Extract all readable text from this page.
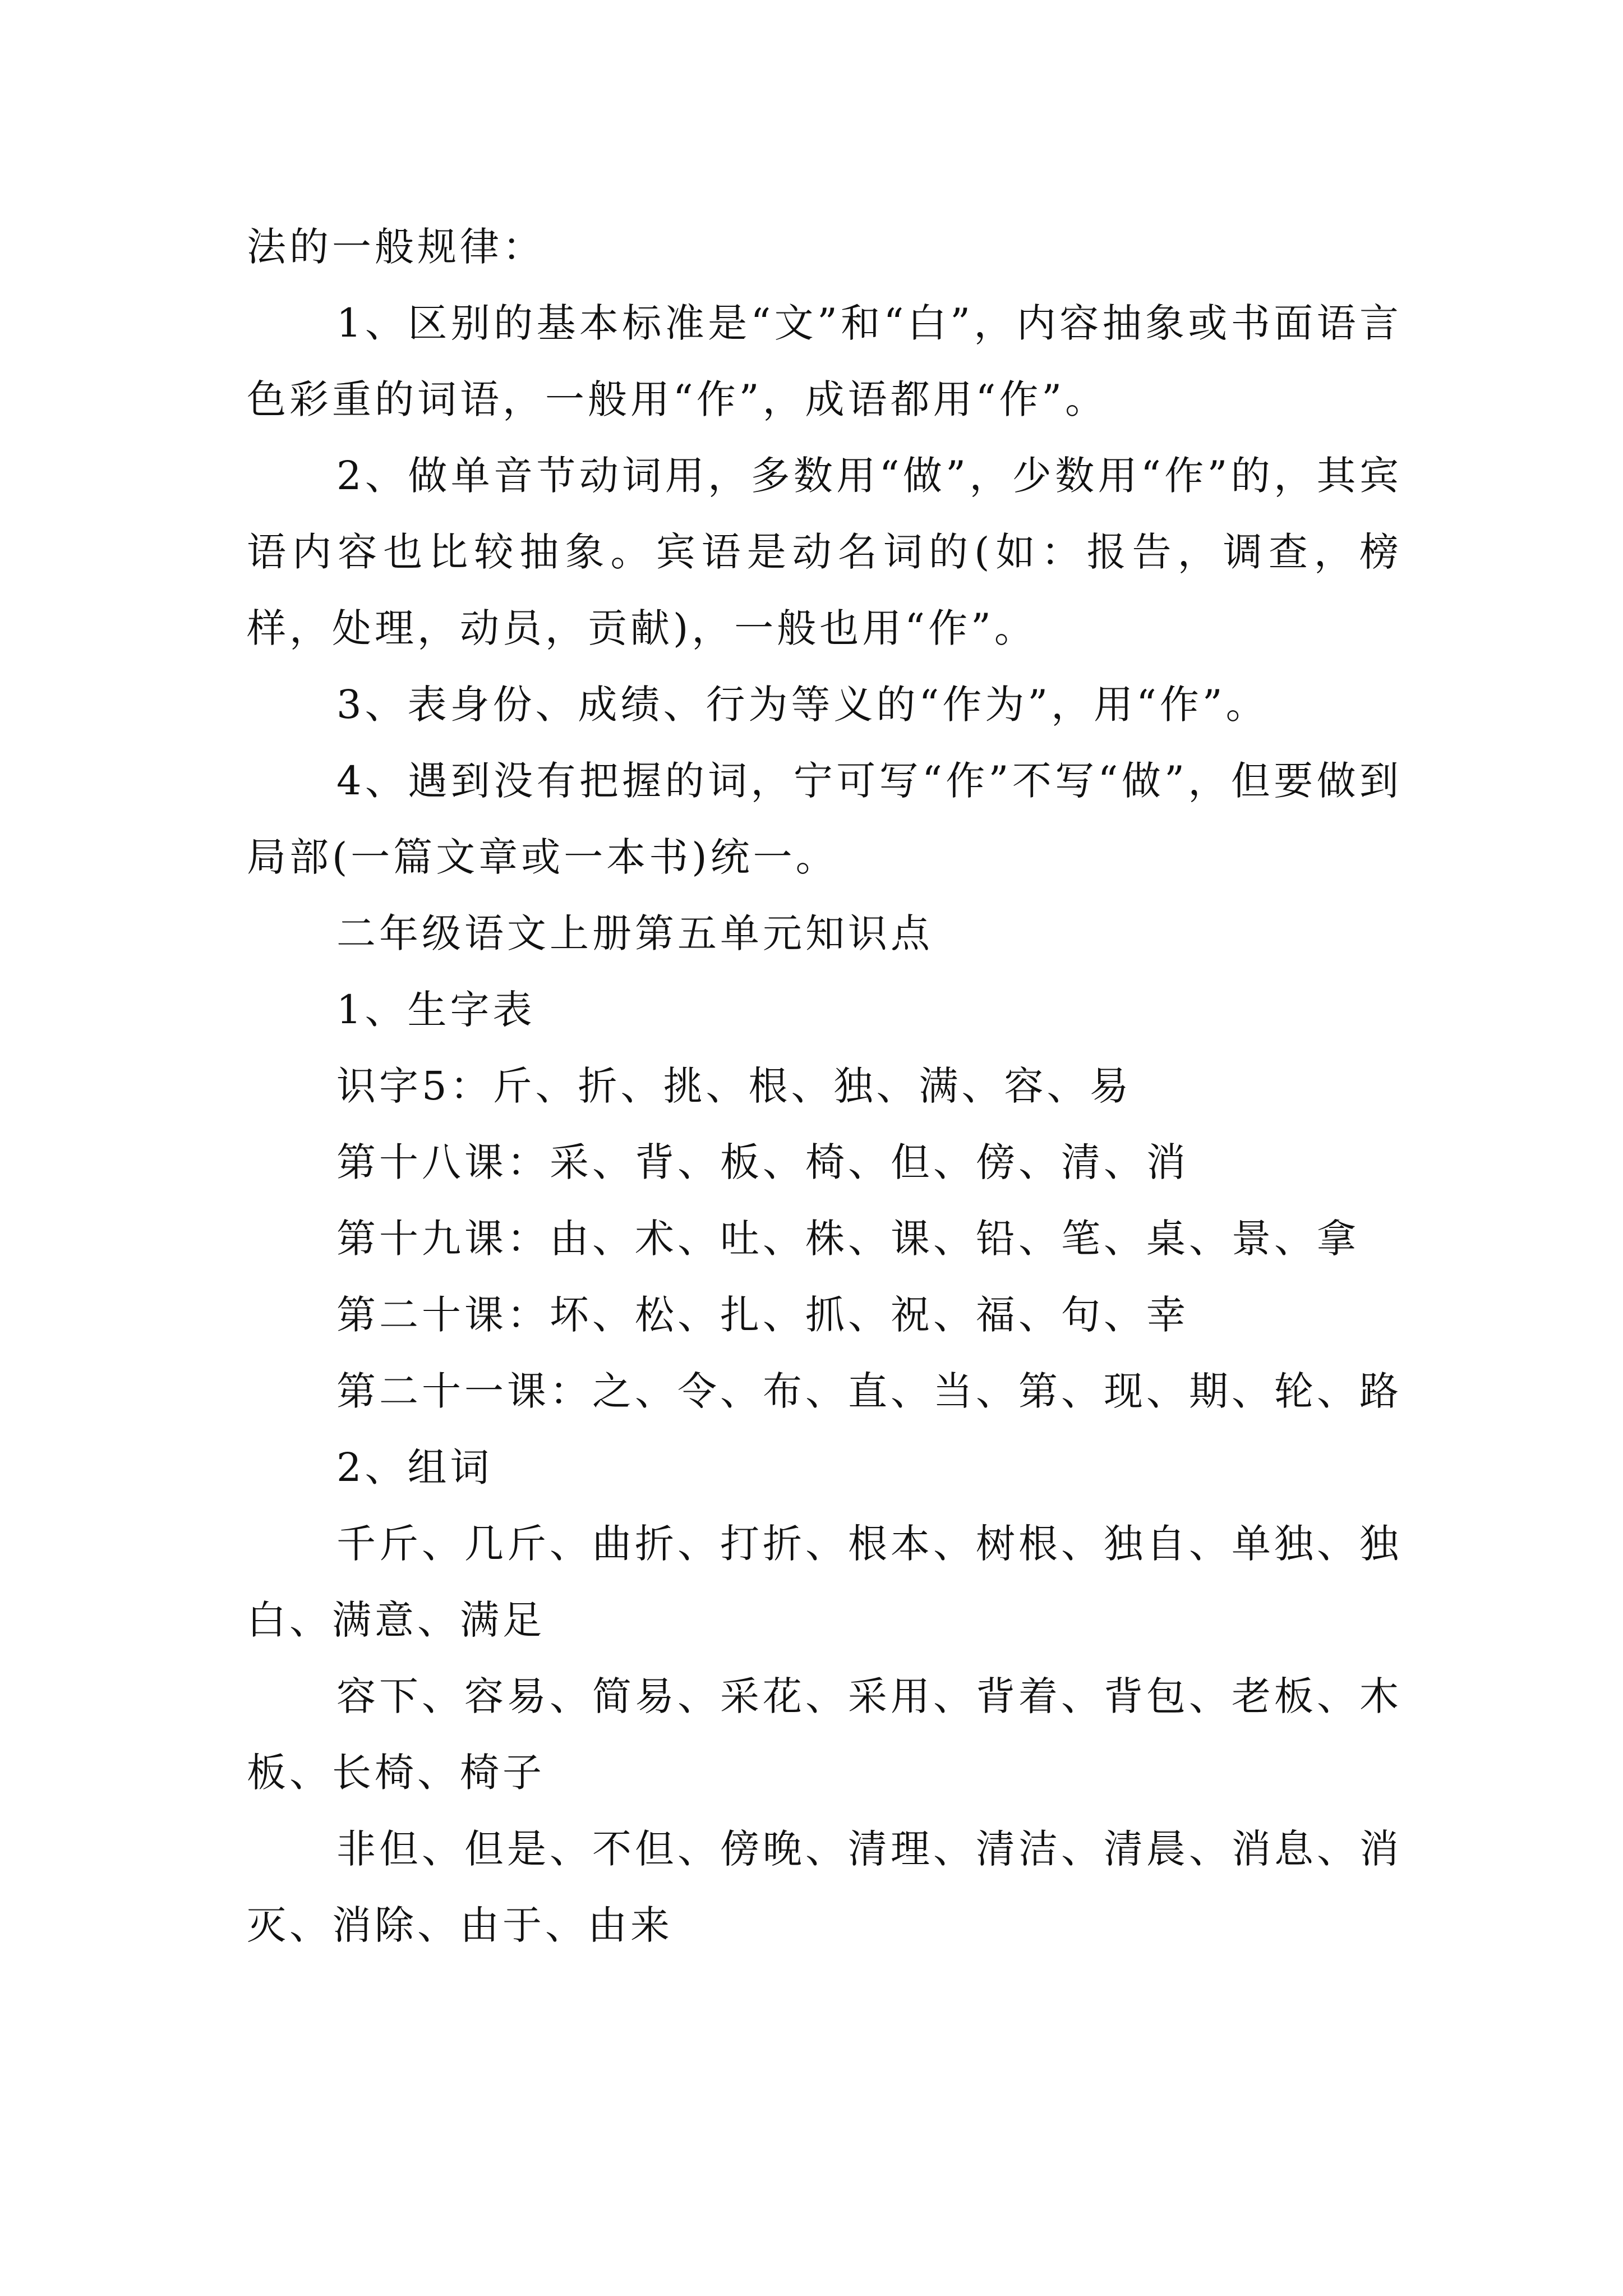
法的一般规律：

1、区别的基本标准是“文”和“白”，内容抽象或书面语言色彩重的词语，一般用“作”，成语都用“作”。

2、做单音节动词用，多数用“做”，少数用“作”的，其宾语内容也比较抽象。宾语是动名词的(如：报告，调查，榜样，处理，动员，贡献)，一般也用“作”。

3、表身份、成绩、行为等义的“作为”，用“作”。

4、遇到没有把握的词，宁可写“作”不写“做”，但要做到局部(一篇文章或一本书)统一。

二年级语文上册第五单元知识点

1、生字表

识字5：斤、折、挑、根、独、满、容、易

第十八课：采、背、板、椅、但、傍、清、消

第十九课：由、术、吐、株、课、铅、笔、桌、景、拿

第二十课：坏、松、扎、抓、祝、福、句、幸

第二十一课：之、令、布、直、当、第、现、期、轮、路

2、组词

千斤、几斤、曲折、打折、根本、树根、独自、单独、独白、满意、满足

容下、容易、简易、采花、采用、背着、背包、老板、木板、长椅、椅子

非但、但是、不但、傍晚、清理、清洁、清晨、消息、消灭、消除、由于、由来
